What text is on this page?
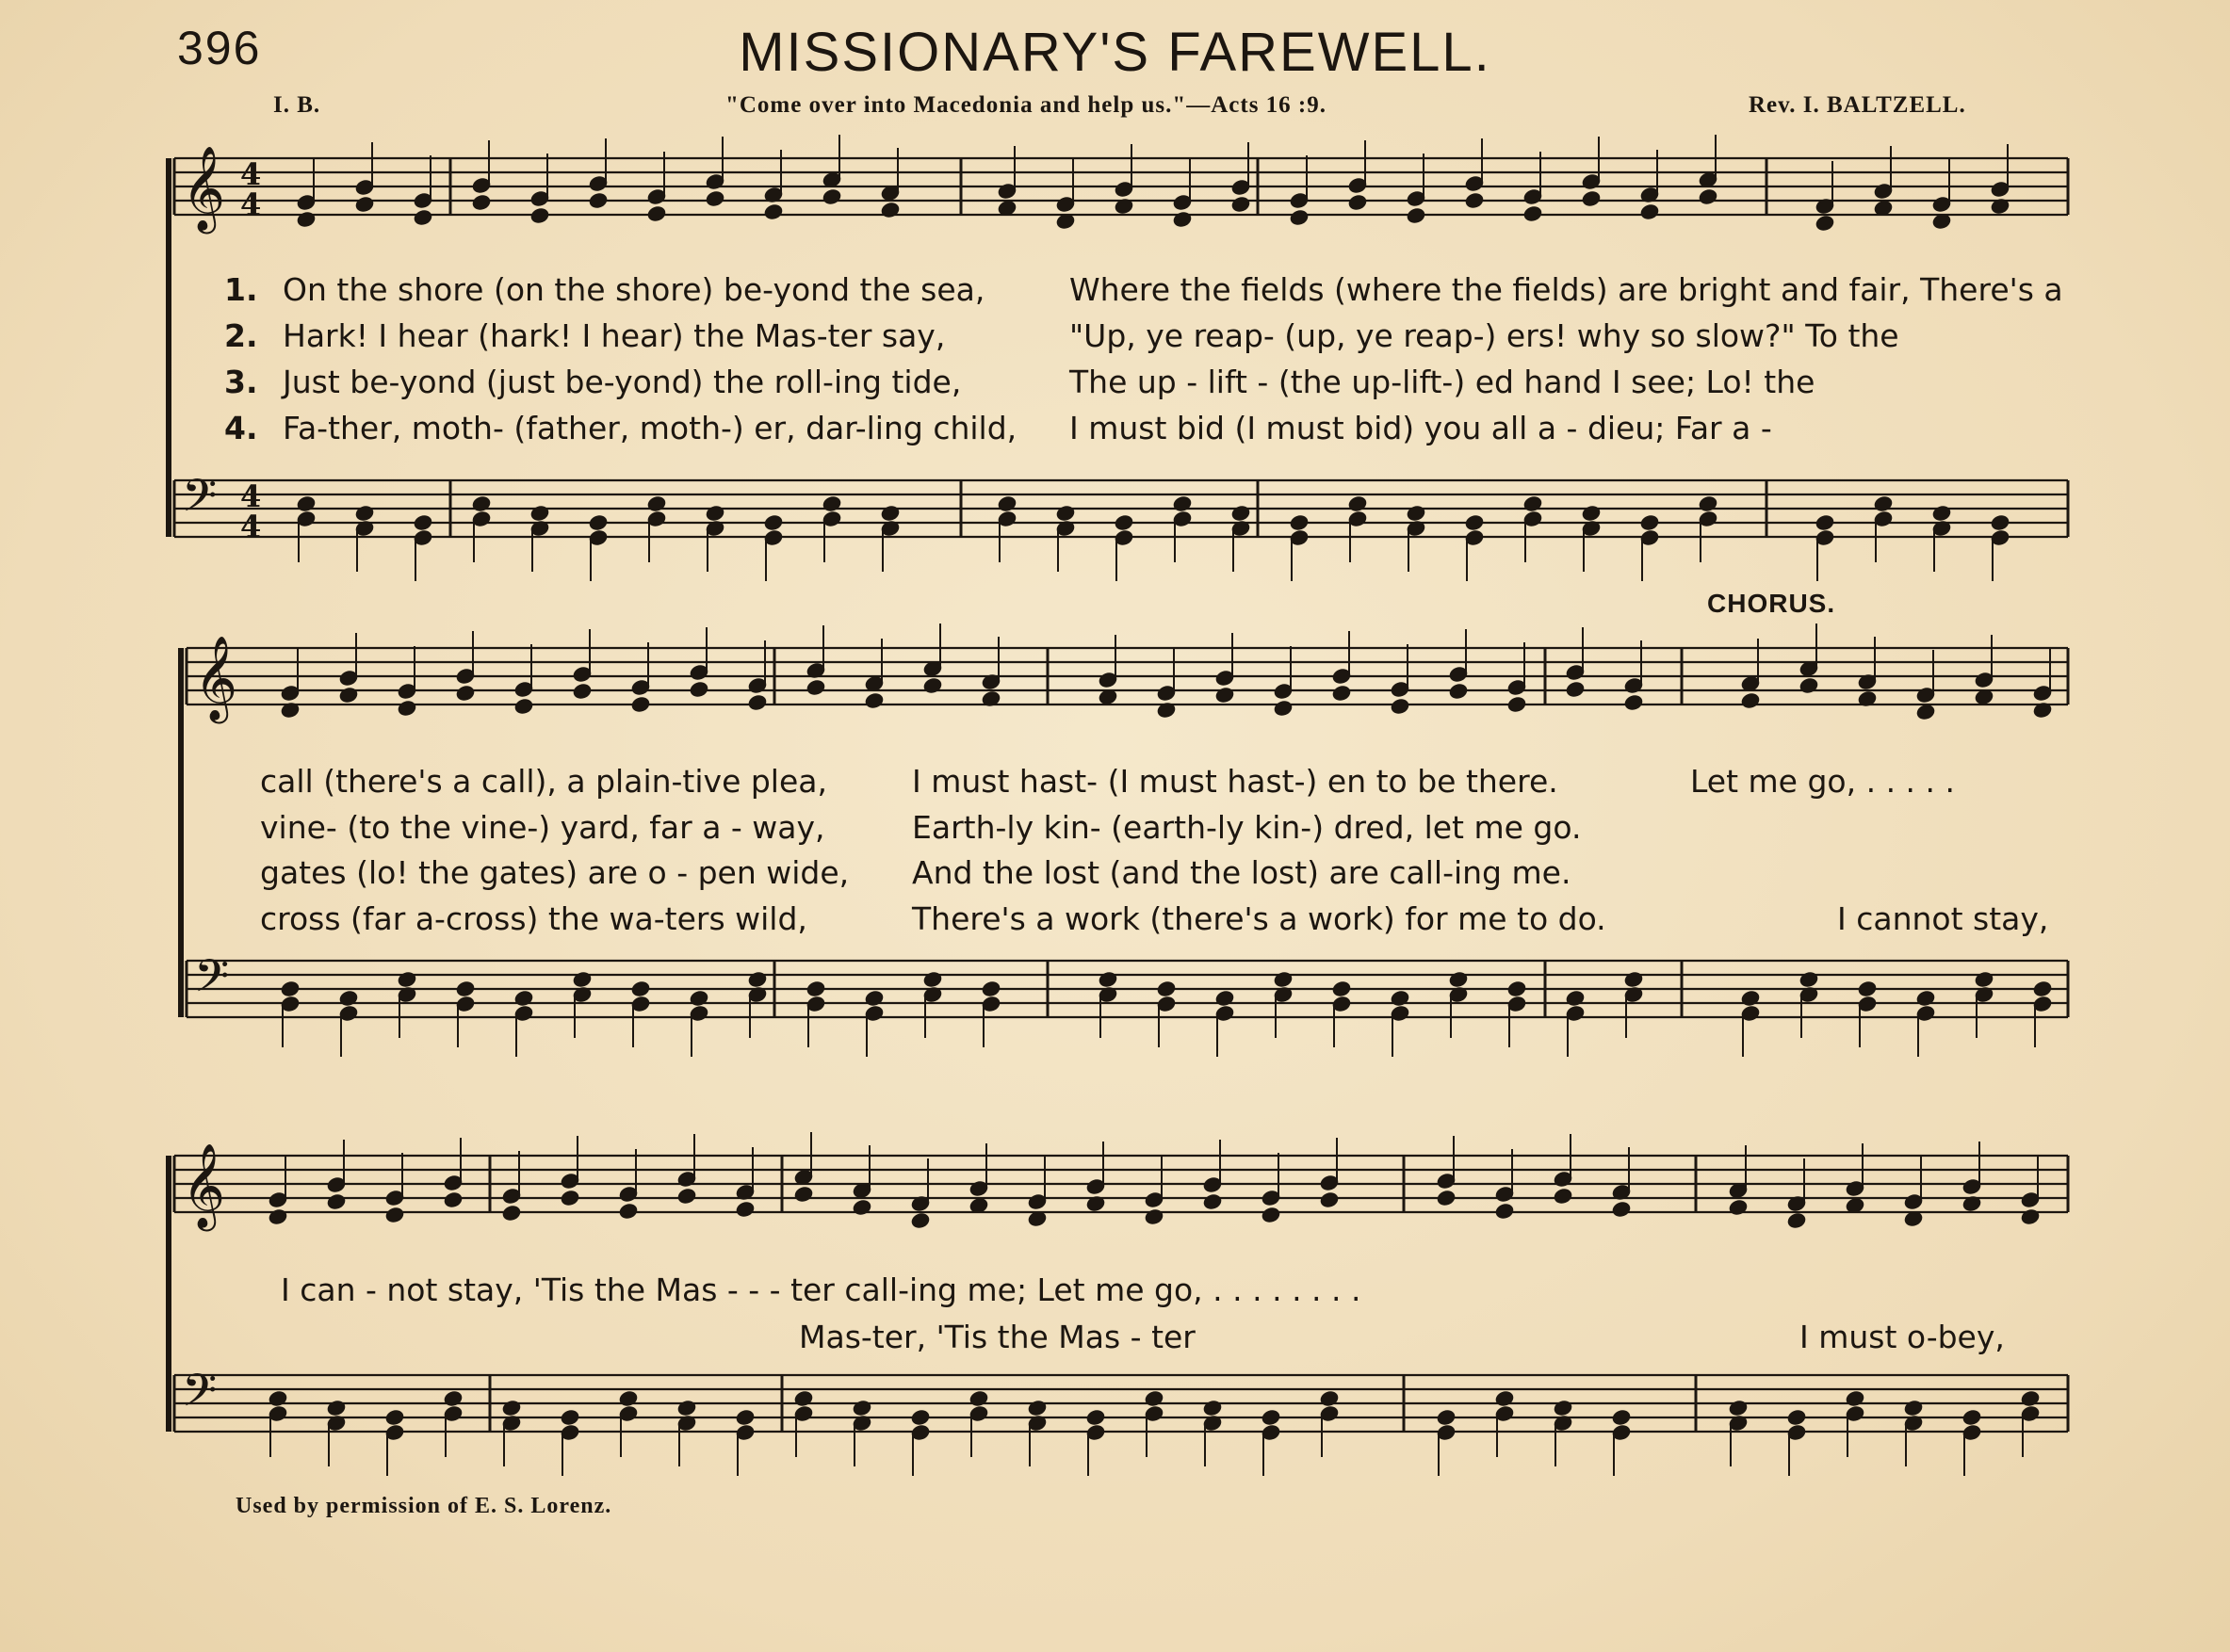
396	MISSIONARY'S FAREWELL.
I. B.	"Come over into Macedonia and help us."—Acts 16 :9.	Rev. I. BALTZELL.
𝄞 4
4
𝄢 4
4
𝄞
𝄢
𝄞
𝄢
1. On the shore (on the shore) be-yond the sea,
2. Hark! I hear (hark! I hear) the Mas-ter say,
3. Just be-yond (just be-yond) the roll-ing tide,
4. Fa-ther, moth- (father, moth-) er, dar-ling child,
Where the fields (where the fields) are bright and fair, There's a
"Up, ye reap- (up, ye reap-) ers! why so slow?" To the
The up - lift - (the up-lift-) ed hand I see; Lo! the
I must bid (I must bid) you all a - dieu; Far a -
CHORUS.
call (there's a call), a plain-tive plea,
vine- (to the vine-) yard, far a - way,
gates (lo! the gates) are o - pen wide,
cross (far a-cross) the wa-ters wild,
I must hast- (I must hast-) en to be there.
Earth-ly kin- (earth-ly kin-) dred, let me go.
And the lost (and the lost) are call-ing me.
There's a work (there's a work) for me to do.
Let me go, . . . . .
I cannot stay,
I can - not stay, 'Tis the Mas - - - ter call-ing me; Let me go, . . . . . . . .
Mas-ter, 'Tis the Mas - ter	I must o-bey,
Used by permission of E. S. Lorenz.
